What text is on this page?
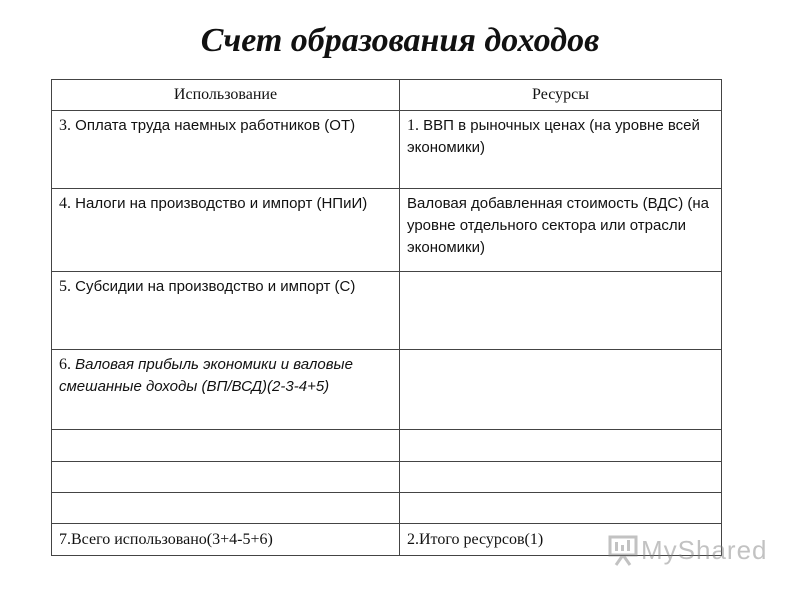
Счет образования доходов
Использование	Ресурсы
3. Оплата труда наемных работников (ОТ)	1. ВВП в рыночных ценах (на уровне всей экономики)
4. Налоги на производство и импорт (НПиИ)	Валовая добавленная стоимость (ВДС) (на уровне отдельного сектора или отрасли экономики)
5. Субсидии на производство и импорт (С)	
6. Валовая прибыль экономики и валовые смешанные доходы (ВП/ВСД)(2-3-4+5)	

7.Всего использовано(3+4-5+6)	2.Итого ресурсов(1)	MyShared
